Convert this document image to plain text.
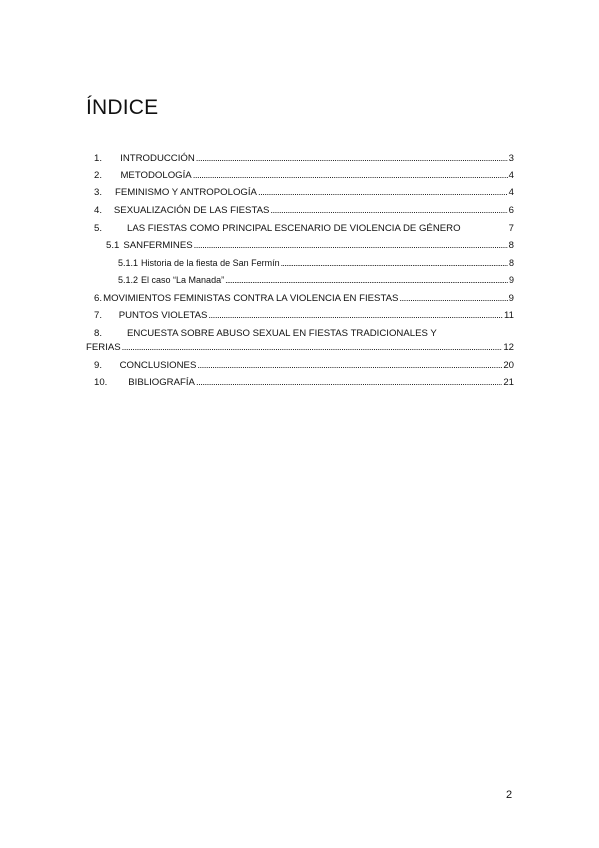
ÍNDICE
1.	INTRODUCCIÓN . . .	3
2.	METODOLOGÍA . . .	4
3.	FEMINISMO Y ANTROPOLOGÍA . . .	4
4.	SEXUALIZACIÓN DE LAS FIESTAS . . .	6
5.	LAS FIESTAS COMO PRINCIPAL ESCENARIO DE VIOLENCIA DE GÉNERO	7
5.1 SANFERMINES . . .	8
5.1.1 Historia de la fiesta de San Fermín . . .	8
5.1.2 El caso “La Manada” . . .	9
6. MOVIMIENTOS FEMINISTAS CONTRA LA VIOLENCIA EN FIESTAS . . .	9
7.	PUNTOS VIOLETAS . . .	11
8.	ENCUESTA SOBRE ABUSO SEXUAL EN FIESTAS TRADICIONALES Y
FERIAS . . .	12
9.	CONCLUSIONES . . .	20
10.	BIBLIOGRAFÍA . . .	21
2
